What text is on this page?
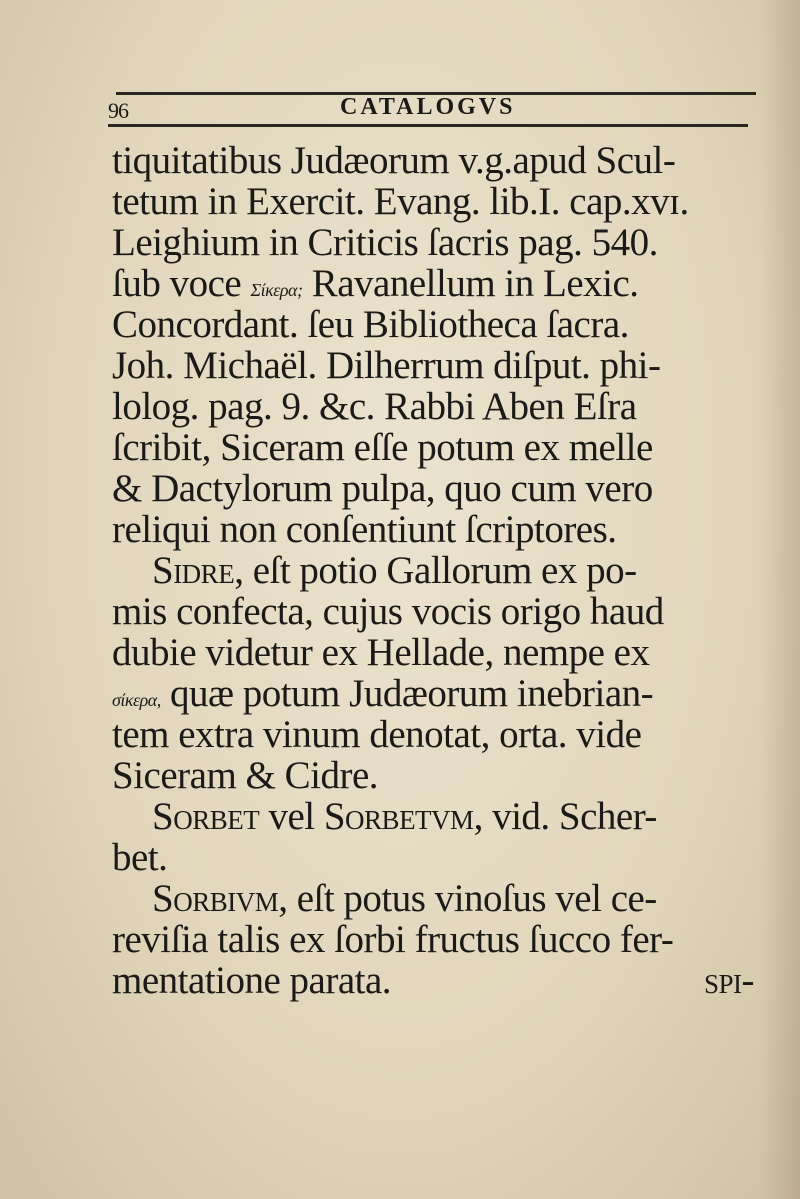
96	CATALOGVS
tiquitatibus Judæorum v.g.apud Scul-
tetum in Exercit. Evang. lib.I. cap.xvɪ.
Leighium in Criticis ſacris pag. 540.
ſub voce Σίκερα; Ravanellum in Lexic.
Concordant. ſeu Bibliotheca ſacra.
Joh. Michaël. Dilherrum diſput. phi-
lolog. pag. 9. &c. Rabbi Aben Eſra
ſcribit, Siceram eſſe potum ex melle
& Dactylorum pulpa, quo cum vero
reliqui non conſentiunt ſcriptores.
Sidre, eſt potio Gallorum ex po-
mis confecta, cujus vocis origo haud
dubie videtur ex Hellade, nempe ex
σίκερα, quæ potum Judæorum inebrian-
tem extra vinum denotat, orta. vide
Siceram & Cidre.
Sorbet vel Sorbetvm, vid. Scher-
bet.
Sorbivm, eſt potus vinoſus vel ce-
reviſia talis ex ſorbi fructus ſucco fer-
mentatione parata.	spi-
